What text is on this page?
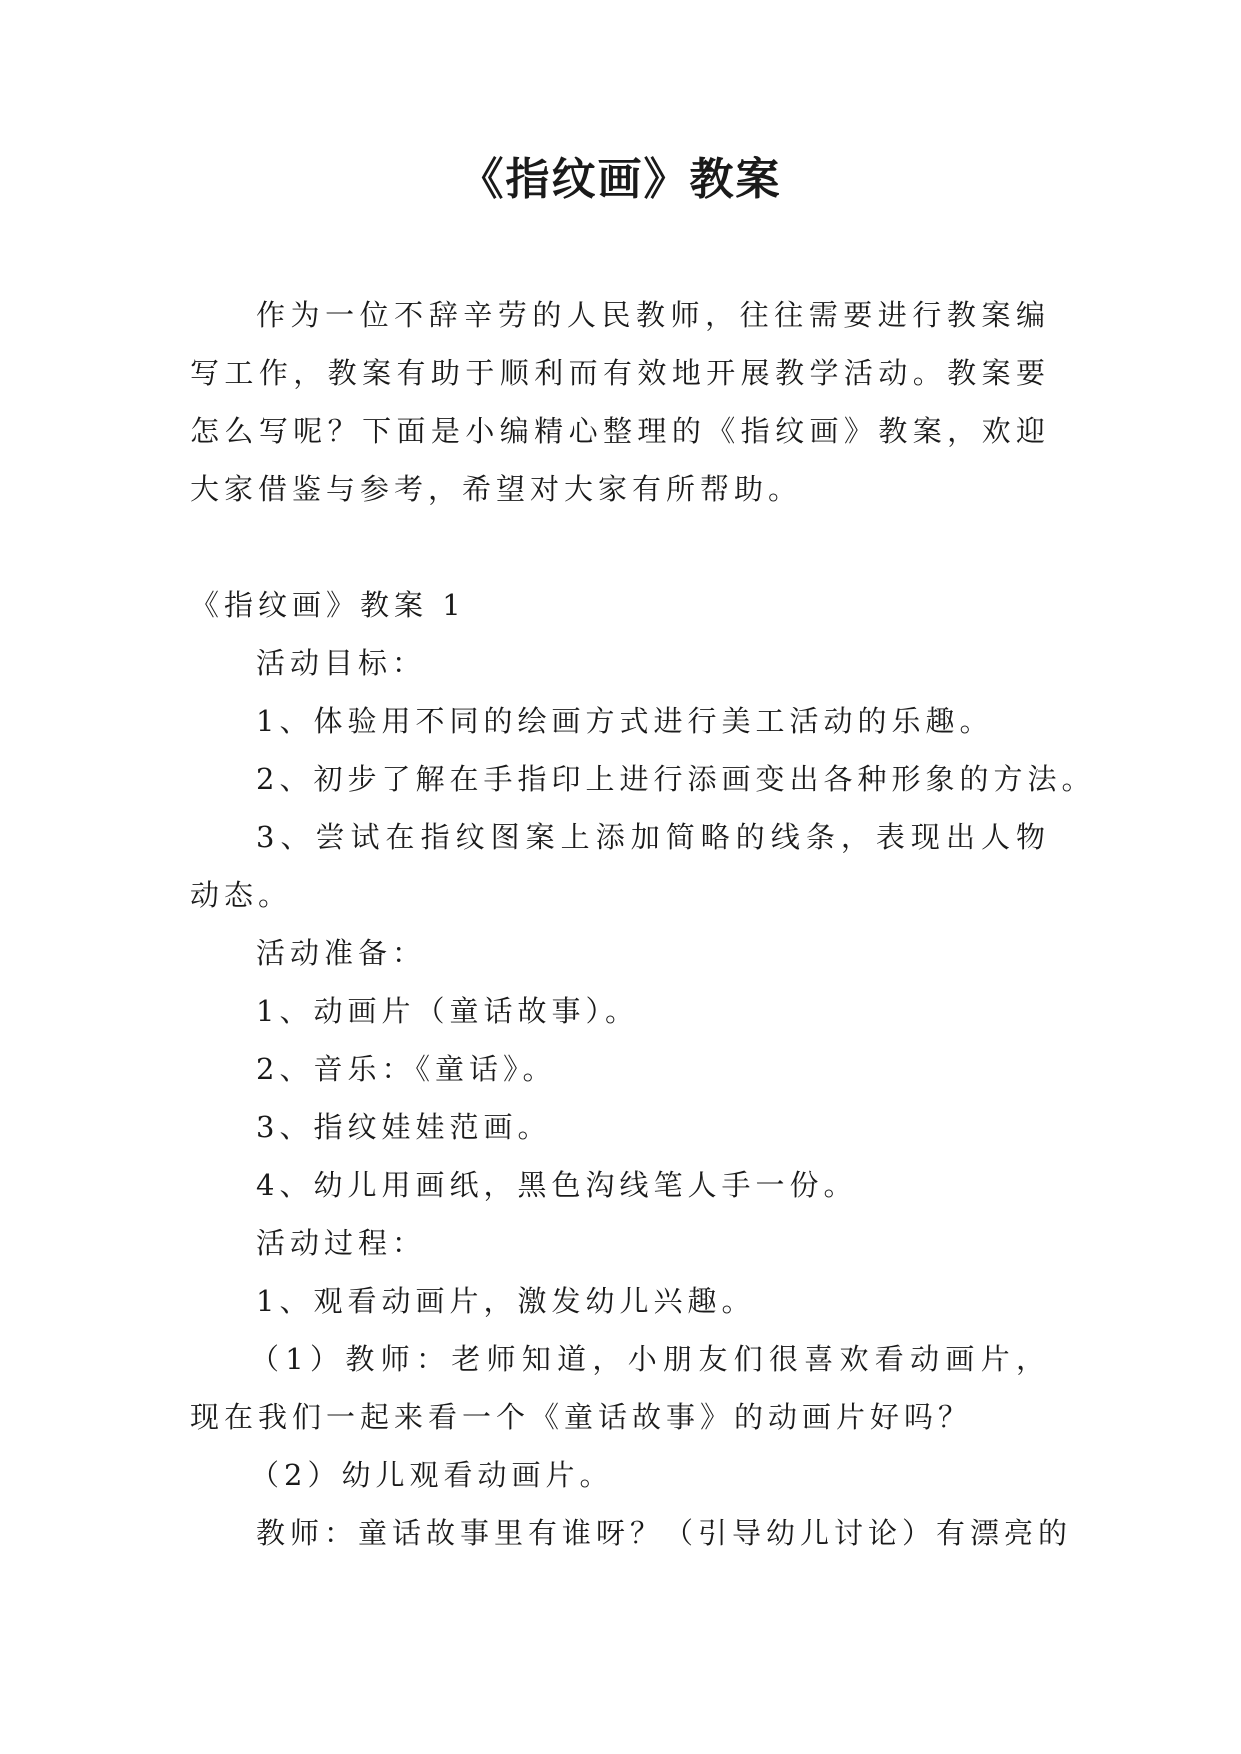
《指纹画》教案
作为一位不辞辛劳的人民教师，往往需要进行教案编写工作，教案有助于顺利而有效地开展教学活动。教案要怎么写呢？下面是小编精心整理的《指纹画》教案，欢迎大家借鉴与参考，希望对大家有所帮助。

《指纹画》教案 1

活动目标：

1、体验用不同的绘画方式进行美工活动的乐趣。

2、初步了解在手指印上进行添画变出各种形象的方法。

3、尝试在指纹图案上添加简略的线条，表现出人物动态。

活动准备：

1、动画片（童话故事）。

2、音乐：《童话》。

3、指纹娃娃范画。

4、幼儿用画纸，黑色沟线笔人手一份。

活动过程：

1、观看动画片，激发幼儿兴趣。

（1）教师：老师知道，小朋友们很喜欢看动画片，现在我们一起来看一个《童话故事》的动画片好吗？

（2）幼儿观看动画片。

教师：童话故事里有谁呀？（引导幼儿讨论）有漂亮的
